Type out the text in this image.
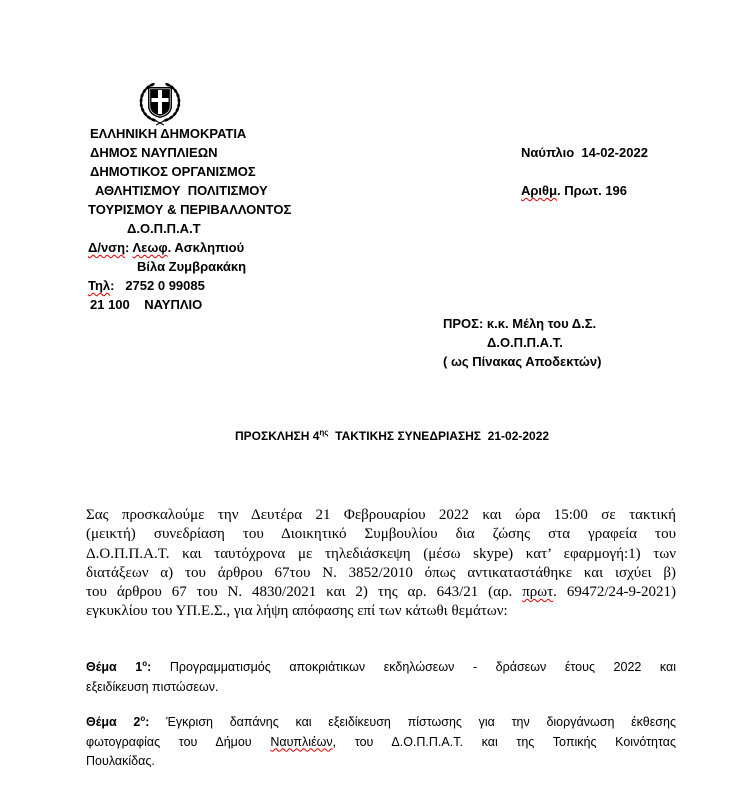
ΕΛΛΗΝΙΚΗ ΔΗΜΟΚΡΑΤΙΑ
ΔΗΜΟΣ ΝΑΥΠΛΙΕΩΝ
ΔΗΜΟΤΙΚΟΣ ΟΡΓΑΝΙΣΜΟΣ
ΑΘΛΗΤΙΣΜΟΥ  ΠΟΛΙΤΙΣΜΟΥ
ΤΟΥΡΙΣΜΟΥ & ΠΕΡΙΒΑΛΛΟΝΤΟΣ
Δ.Ο.Π.Π.Α.Τ
Δ/νση: Λεωφ. Ασκληπιού
Βίλα Ζυμβρακάκη
Τηλ:   2752 0 99085
21 100    ΝΑΥΠΛΙΟ
Ναύπλιο  14-02-2022
Αριθμ. Πρωτ. 196
ΠΡΟΣ: κ.κ. Μέλη του Δ.Σ.
Δ.Ο.Π.Π.Α.Τ.
( ως Πίνακας Αποδεκτών)
ΠΡΟΣΚΛΗΣΗ $4^{\eta\varsigma}$  ΤΑΚΤΙΚΗΣ ΣΥΝΕΔΡΙΑΣΗΣ  21-02-2022
Σας προσκαλούμε την Δευτέρα 21 Φεβρουαρίου 2022 και ώρα 15:00 σε τακτική
(μεικτή) συνεδρίαση του Διοικητικό Συμβουλίου δια ζώσης στα γραφεία του
Δ.Ο.Π.Π.Α.Τ. και ταυτόχρονα με τηλεδιάσκεψη (μέσω skype) κατ’ εφαρμογή:1) των
διατάξεων α) του άρθρου 67του Ν. 3852/2010 όπως αντικαταστάθηκε και ισχύει β)
του άρθρου 67 του Ν. 4830/2021 και 2) της αρ. 643/21 (αρ. πρωτ. 69472/24-9-2021)
εγκυκλίου του ΥΠ.Ε.Σ., για λήψη απόφασης επί των κάτωθι θεμάτων:
Θέμα $1^o$: Προγραμματισμός αποκριάτικων εκδηλώσεων - δράσεων έτους 2022 και
εξειδίκευση πιστώσεων.
Θέμα $2^o$: Έγκριση δαπάνης και εξειδίκευση πίστωσης για την διοργάνωση έκθεσης
φωτογραφίας του Δήμου Ναυπλιέων, του Δ.Ο.Π.Π.Α.Τ. και της Τοπικής Κοινότητας
Πουλακίδας.
